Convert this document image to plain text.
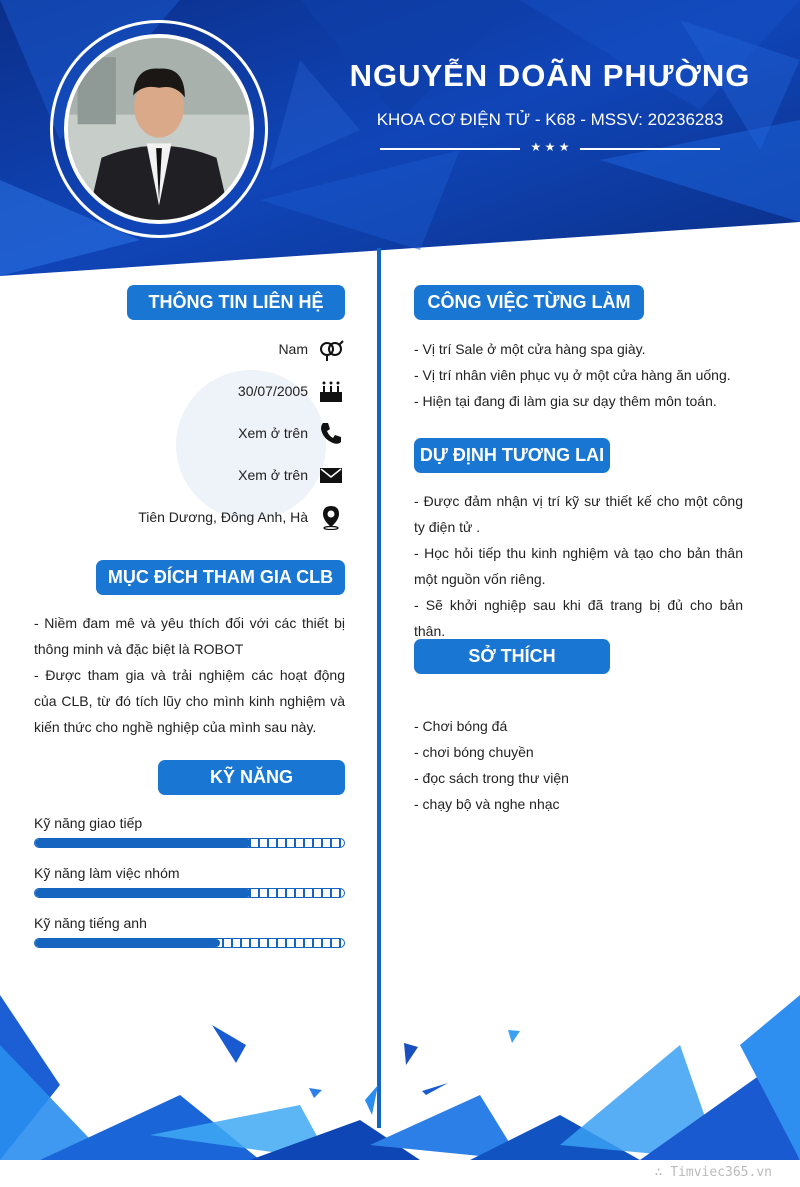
NGUYỄN DOÃN PHƯỜNG
KHOA CƠ ĐIỆN TỬ - K68 - MSSV: 20236283
★ ★ ★
THÔNG TIN LIÊN HỆ
Nam
30/07/2005
Xem ở trên
Xem ở trên
Tiên Dương, Đông Anh, Hà
MỤC ĐÍCH THAM GIA CLB

- Niềm đam mê và yêu thích đối với các thiết bị thông minh và đặc biệt là ROBOT

- Được tham gia và trải nghiệm các hoạt động của CLB, từ đó tích lũy cho mình kinh nghiệm và kiến thức cho nghề nghiệp của mình sau này.

KỸ NĂNG
Kỹ năng giao tiếp
Kỹ năng làm việc nhóm
Kỹ năng tiếng anh
CÔNG VIỆC TỪNG LÀM

- Vị trí Sale ở một cửa hàng spa giày.

- Vị trí nhân viên phục vụ ở một cửa hàng ăn uống.

- Hiện tại đang đi làm gia sư dạy thêm môn toán.

DỰ ĐỊNH TƯƠNG LAI

- Được đảm nhận vị trí kỹ sư thiết kế cho một công ty điện tử .

- Học hỏi tiếp thu kinh nghiệm và tạo cho bản thân một nguồn vốn riêng.

- Sẽ khởi nghiệp sau khi đã trang bị đủ cho bản thân.

SỞ THÍCH

- Chơi bóng đá

- chơi bóng chuyền

- đọc sách trong thư viện

- chạy bộ và nghe nhạc

∴ Timviec365.vn
